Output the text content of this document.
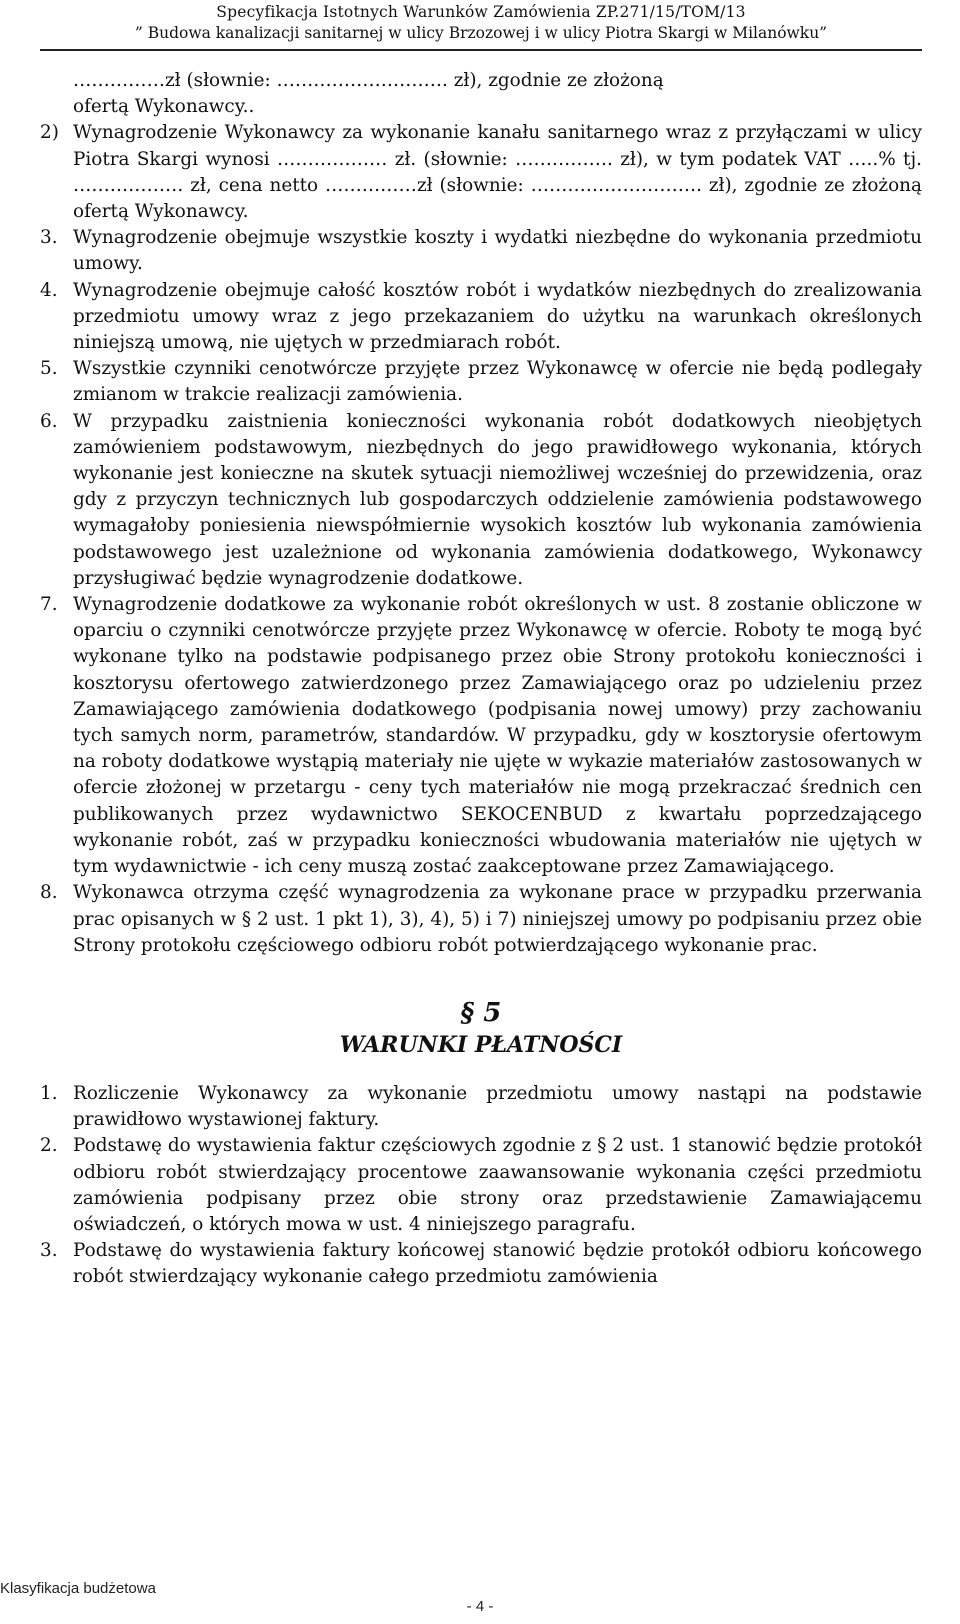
Specyfikacja Istotnych Warunków Zamówienia ZP.271/15/TOM/13
” Budowa kanalizacji sanitarnej w ulicy Brzozowej i w ulicy Piotra Skargi w Milanówku”

……………zł (słownie: ………………………. zł), zgodnie ze złożoną

ofertą Wykonawcy..

2) Wynagrodzenie Wykonawcy za wykonanie kanału sanitarnego wraz z przyłączami w ulicy Piotra Skargi wynosi ……………… zł. (słownie: ……………. zł), w tym podatek VAT …..% tj. ……………… zł, cena netto ……………zł (słownie: ………………………. zł), zgodnie ze złożoną ofertą Wykonawcy.
3. Wynagrodzenie obejmuje wszystkie koszty i wydatki niezbędne do wykonania przedmiotu umowy.
4. Wynagrodzenie obejmuje całość kosztów robót i wydatków niezbędnych do zrealizowania przedmiotu umowy wraz z jego przekazaniem do użytku na warunkach określonych niniejszą umową, nie ujętych w przedmiarach robót.
5. Wszystkie czynniki cenotwórcze przyjęte przez Wykonawcę w ofercie nie będą podlegały zmianom w trakcie realizacji zamówienia.
6. W przypadku zaistnienia konieczności wykonania robót dodatkowych nieobjętych zamówieniem podstawowym, niezbędnych do jego prawidłowego wykonania, których wykonanie jest konieczne na skutek sytuacji niemożliwej wcześniej do przewidzenia, oraz gdy z przyczyn technicznych lub gospodarczych oddzielenie zamówienia podstawowego wymagałoby poniesienia niewspółmiernie wysokich kosztów lub wykonania zamówienia podstawowego jest uzależnione od wykonania zamówienia dodatkowego, Wykonawcy przysługiwać będzie wynagrodzenie dodatkowe.
7. Wynagrodzenie dodatkowe za wykonanie robót określonych w ust. 8 zostanie obliczone w oparciu o czynniki cenotwórcze przyjęte przez Wykonawcę w ofercie. Roboty te mogą być wykonane tylko na podstawie podpisanego przez obie Strony protokołu konieczności i kosztorysu ofertowego zatwierdzonego przez Zamawiającego oraz po udzieleniu przez Zamawiającego zamówienia dodatkowego (podpisania nowej umowy) przy zachowaniu tych samych norm, parametrów, standardów. W przypadku, gdy w kosztorysie ofertowym na roboty dodatkowe wystąpią materiały nie ujęte w wykazie materiałów zastosowanych w ofercie złożonej w przetargu - ceny tych materiałów nie mogą przekraczać średnich cen publikowanych przez wydawnictwo SEKOCENBUD z kwartału poprzedzającego wykonanie robót, zaś w przypadku konieczności wbudowania materiałów nie ujętych w tym wydawnictwie - ich ceny muszą zostać zaakceptowane przez Zamawiającego.
8. Wykonawca otrzyma część wynagrodzenia za wykonane prace w przypadku przerwania prac opisanych w § 2 ust. 1 pkt 1), 3), 4), 5) i 7) niniejszej umowy po podpisaniu przez obie Strony protokołu częściowego odbioru robót potwierdzającego wykonanie prac.

§ 5

WARUNKI PŁATNOŚCI

1. Rozliczenie Wykonawcy za wykonanie przedmiotu umowy nastąpi na podstawie prawidłowo wystawionej faktury.
2. Podstawę do wystawienia faktur częściowych zgodnie z § 2 ust. 1 stanowić będzie protokół odbioru robót stwierdzający procentowe zaawansowanie wykonania części przedmiotu zamówienia podpisany przez obie strony oraz przedstawienie Zamawiającemu oświadczeń, o których mowa w ust. 4 niniejszego paragrafu.
3. Podstawę do wystawienia faktury końcowej stanowić będzie protokół odbioru końcowego robót stwierdzający wykonanie całego przedmiotu zamówienia
Klasyfikacja budżetowa
- 4 -
